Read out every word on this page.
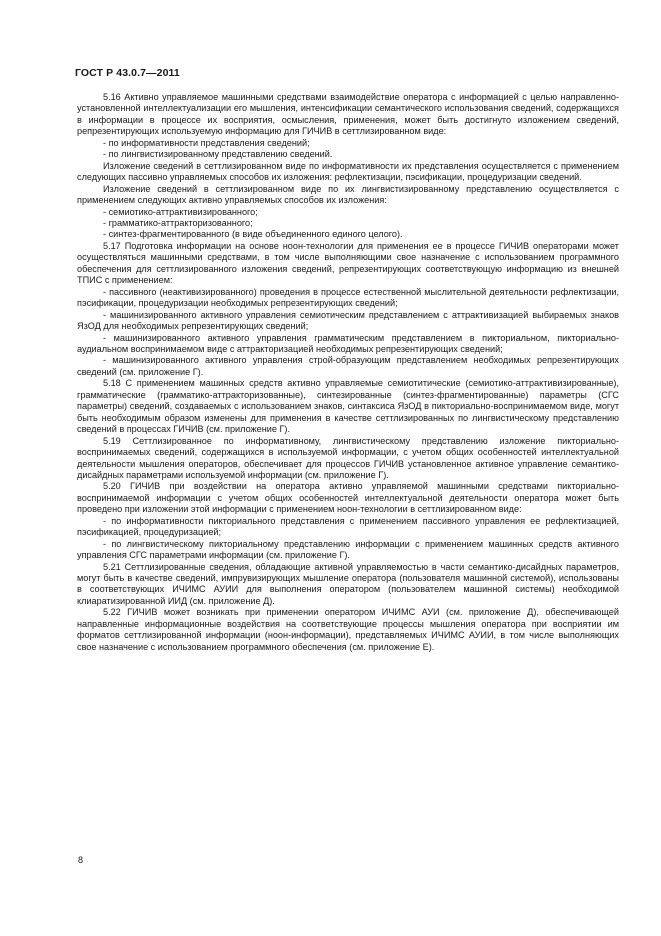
ГОСТ Р 43.0.7—2011

5.16 Активно управляемое машинными средствами взаимодействие оператора с информацией с целью направленно-установленной интеллектуализации его мышления, интенсификации семантического использования сведений, содержащихся в информации в процессе их восприятия, осмысления, применения, может быть достигнуто изложением сведений, репрезентирующих используемую информацию для ГИЧИВ в сеттлизированном виде:

- по информативности представления сведений;

- по лингвистизированному представлению сведений.

Изложение сведений в сеттлизированном виде по информативности их представления осуществляется с применением следующих пассивно управляемых способов их изложения: рефлектизации, пэсификации, процедуризации сведений.

Изложение сведений в сеттлизированном виде по их лингвистизированному представлению осуществляется с применением следующих активно управляемых способов их изложения:

- семиотико-аттрактивизированного;

- грамматико-аттракторизованного;

- синтез-фрагментированного (в виде объединенного единого целого).

5.17 Подготовка информации на основе ноон-технологии для применения ее в процессе ГИЧИВ операторами может осуществляться машинными средствами, в том числе выполняющими свое назначение с использованием программного обеспечения для сеттлизированного изложения сведений, репрезентирующих соответствующую информацию из внешней ТПИС с применением:

- пассивного (неактивизированного) проведения в процессе естественной мыслительной деятельности рефлектизации, пэсификации, процедуризации необходимых репрезентирующих сведений;

- машинизированного активного управления семиотическим представлением с аттрактивизацией выбираемых знаков ЯзОД для необходимых репрезентирующих сведений;

- машинизированного активного управления грамматическим представлением в пикториальном, пикториально-аудиальном воспринимаемом виде с аттракторизацией необходимых репрезентирующих сведений;

- машинизированного активного управления строй-образующим представлением необходимых репрезентирующих сведений (см. приложение Г).

5.18 С применением машинных средств активно управляемые семиотитические (семиотико-аттрактивизированные), грамматические (грамматико-аттракторизованные), синтезированные (синтез-фрагментированные) параметры (СГС параметры) сведений, создаваемых с использованием знаков, синтаксиса ЯзОД в пикториально-воспринимаемом виде, могут быть необходимым образом изменены для применения в качестве сеттлизированных по лингвистическому представлению сведений в процессах ГИЧИВ (см. приложение Г).

5.19 Сеттлизированное по информативному, лингвистическому представлению изложение пикториально-воспринимаемых сведений, содержащихся в используемой информации, с учетом общих особенностей интеллектуальной деятельности мышления операторов, обеспечивает для процессов ГИЧИВ установленное активное управление семантико-дисайдных параметрами используемой информации (см. приложение Г).

5.20 ГИЧИВ при воздействии на оператора активно управляемой машинными средствами пикториально-воспринимаемой информации с учетом общих особенностей интеллектуальной деятельности оператора может быть проведено при изложении этой информации с применением ноон-технологии в сеттлизированном виде:

- по информативности пикториального представления с применением пассивного управления ее рефлектизацией, пэсификацией, процедуризацией;

- по лингвистическому пикториальному представлению информации с применением машинных средств активного управления СГС параметрами информации (см. приложение Г).

5.21 Сеттлизированные сведения, обладающие активной управляемостью в части семантико-дисайдных параметров, могут быть в качестве сведений, импрувизирующих мышление оператора (пользователя машинной системой), использованы в соответствующих ИЧИМС АУИИ для выполнения оператором (пользователем машинной системы) необходимой клиаратизированной ИИД (см. приложение Д).

5.22 ГИЧИВ может возникать при применении оператором ИЧИМС АУИ (см. приложение Д), обеспечивающей направленные информационные воздействия на соответствующие процессы мышления оператора при восприятии им форматов сеттлизированной информации (ноон-информации), представляемых ИЧИМС АУИИ, в том числе выполняющих свое назначение с использованием программного обеспечения (см. приложение Е).

8
